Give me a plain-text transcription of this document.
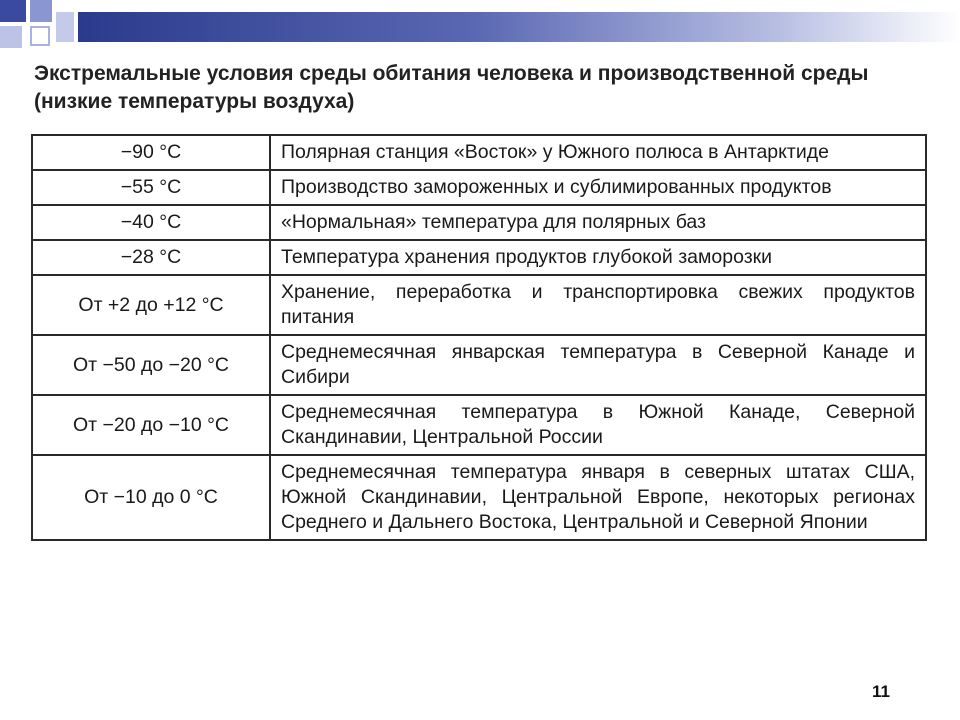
Экстремальные условия среды обитания человека и производственной среды (низкие температуры воздуха)
−90 °C	Полярная станция «Восток» у Южного полюса в Антарктиде
−55 °C	Производство замороженных и сублимированных продуктов
−40 °C	«Нормальная» температура для полярных баз
−28 °C	Температура хранения продуктов глубокой заморозки
От +2 до +12 °C	Хранение, переработка и транспортировка свежих продуктов питания
От −50 до −20 °C	Среднемесячная январская температура в Северной Канаде и Сибири
От −20 до −10 °C	Среднемесячная температура в Южной Канаде, Северной Скандинавии, Центральной России
От −10 до 0 °C	Среднемесячная температура января в северных штатах США, Южной Скандинавии, Центральной Европе, некоторых регионах Среднего и Дальнего Востока, Центральной и Северной Японии
11
